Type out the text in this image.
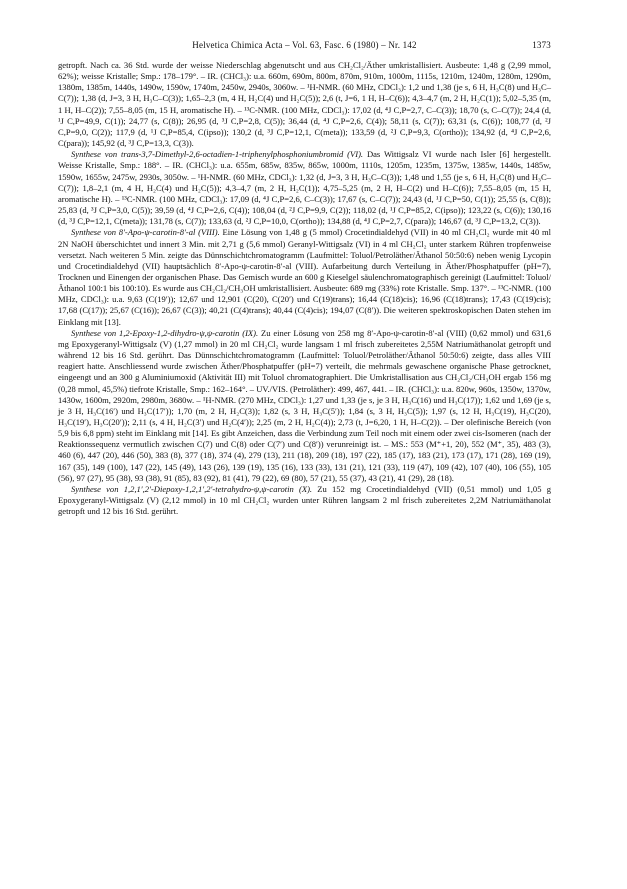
Helvetica Chimica Acta – Vol. 63, Fasc. 6 (1980) – Nr. 142	1373

getropft. Nach ca. 36 Std. wurde der weisse Niederschlag abgenutscht und aus CH₂Cl₂/Äther umkristallisiert. Ausbeute: 1,48 g (2,99 mmol, 62%); weisse Kristalle; Smp.: 178–179°. – IR. (CHCl₃): u.a. 660m, 690m, 800m, 870m, 910m, 1000m, 1115s, 1210m, 1240m, 1280m, 1290m, 1380m, 1385m, 1440s, 1490w, 1590w, 1740m, 2450w, 2940s, 3060w. – ¹H-NMR. (60 MHz, CDCl₃): 1,2 und 1,38 (je s, 6 H, H₃C(8) und H₃C–C(7)); 1,38 (d, J=3, 3 H, H₃C–C(3)); 1,65–2,3 (m, 4 H, H₂C(4) und H₂C(5)); 2,6 (t, J=6, 1 H, H–C(6)); 4,3–4,7 (m, 2 H, H₂C(1)); 5,02–5,35 (m, 1 H, H–C(2)); 7,55–8,05 (m, 15 H, aromatische H). – ¹³C-NMR. (100 MHz, CDCl₃): 17,02 (d, ⁴J C,P=2,7, C–C(3)); 18,70 (s, C–C(7)); 24,4 (d, ¹J C,P=49,9, C(1)); 24,77 (s, C(8)); 26,95 (d, ³J C,P=2,8, C(5)); 36,44 (d, ⁴J C,P=2,6, C(4)); 58,11 (s, C(7)); 63,31 (s, C(6)); 108,77 (d, ²J C,P=9,0, C(2)); 117,9 (d, ¹J C,P=85,4, C(ipso)); 130,2 (d, ³J C,P=12,1, C(meta)); 133,59 (d, ²J C,P=9,3, C(ortho)); 134,92 (d, ⁴J C,P=2,6, C(para)); 145,92 (d, ³J C,P=13,3, C(3)).

Synthese von trans-3,7-Dimethyl-2,6-octadien-1-triphenylphosphoniumbromid (VI). Das Wittigsalz VI wurde nach Isler [6] hergestellt. Weisse Kristalle, Smp.: 188°. – IR. (CHCl₃): u.a. 655m, 685w, 835w, 865w, 1000m, 1110s, 1205m, 1235m, 1375w, 1385w, 1440s, 1485w, 1590w, 1655w, 2475w, 2930s, 3050w. – ¹H-NMR. (60 MHz, CDCl₃): 1,32 (d, J=3, 3 H, H₃C–C(3)); 1,48 und 1,55 (je s, 6 H, H₃C(8) und H₃C–C(7)); 1,8–2,1 (m, 4 H, H₂C(4) und H₂C(5)); 4,3–4,7 (m, 2 H, H₂C(1)); 4,75–5,25 (m, 2 H, H–C(2) und H–C(6)); 7,55–8,05 (m, 15 H, aromatische H). – ¹³C-NMR. (100 MHz, CDCl₃): 17,09 (d, ⁴J C,P=2,6, C–C(3)); 17,67 (s, C–C(7)); 24,43 (d, ¹J C,P=50, C(1)); 25,55 (s, C(8)); 25,83 (d, ³J C,P=3,0, C(5)); 39,59 (d, ⁴J C,P=2,6, C(4)); 108,04 (d, ²J C,P=9,9, C(2)); 118,02 (d, ¹J C,P=85,2, C(ipso)); 123,22 (s, C(6)); 130,16 (d, ³J C,P=12,1, C(meta)); 131,78 (s, C(7)); 133,63 (d, ²J C,P=10,0, C(ortho)); 134,88 (d, ⁴J C,P=2,7, C(para)); 146,67 (d, ³J C,P=13,2, C(3)).

Synthese von 8′-Apo-ψ-carotin-8′-al (VIII). Eine Lösung von 1,48 g (5 mmol) Crocetindialdehyd (VII) in 40 ml CH₂Cl₂ wurde mit 40 ml 2N NaOH überschichtet und innert 3 Min. mit 2,71 g (5,6 mmol) Geranyl-Wittigsalz (VI) in 4 ml CH₂Cl₂ unter starkem Rühren tropfenweise versetzt. Nach weiteren 5 Min. zeigte das Dünnschichtchromatogramm (Laufmittel: Toluol/Petroläther/Äthanol 50:50:6) neben wenig Lycopin und Crocetindialdehyd (VII) hauptsächlich 8′-Apo-ψ-carotin-8′-al (VIII). Aufarbeitung durch Verteilung in Äther/Phosphatpuffer (pH=7), Trocknen und Einengen der organischen Phase. Das Gemisch wurde an 600 g Kieselgel säulenchromatographisch gereinigt (Laufmittel: Toluol/Äthanol 100:1 bis 100:10). Es wurde aus CH₂Cl₂/CH₃OH umkristallisiert. Ausbeute: 689 mg (33%) rote Kristalle. Smp. 137°. – ¹³C-NMR. (100 MHz, CDCl₃): u.a. 9,63 (C(19′)); 12,67 und 12,901 (C(20), C(20′) und C(19)trans); 16,44 (C(18)cis); 16,96 (C(18)trans); 17,43 (C(19)cis); 17,68 (C(17)); 25,67 (C(16)); 26,67 (C(3)); 40,21 (C(4)trans); 40,44 (C(4)cis); 194,07 (C(8′)). Die weiteren spektroskopischen Daten stehen im Einklang mit [13].

Synthese von 1,2-Epoxy-1,2-dihydro-ψ,ψ-carotin (IX). Zu einer Lösung von 258 mg 8′-Apo-ψ-carotin-8′-al (VIII) (0,62 mmol) und 631,6 mg Epoxygeranyl-Wittigsalz (V) (1,27 mmol) in 20 ml CH₂Cl₂ wurde langsam 1 ml frisch zubereitetes 2,55M Natriumäthanolat getropft und während 12 bis 16 Std. gerührt. Das Dünnschichtchromatogramm (Laufmittel: Toluol/Petroläther/Äthanol 50:50:6) zeigte, dass alles VIII reagiert hatte. Anschliessend wurde zwischen Äther/Phosphatpuffer (pH=7) verteilt, die mehrmals gewaschene organische Phase getrocknet, eingeengt und an 300 g Aluminiumoxid (Aktivität III) mit Toluol chromatographiert. Die Umkristallisation aus CH₂Cl₂/CH₃OH ergab 156 mg (0,28 mmol, 45,5%) tiefrote Kristalle, Smp.: 162–164°. – UV./VIS. (Petroläther): 499, 467, 441. – IR. (CHCl₃): u.a. 820w, 960s, 1350w, 1370w, 1430w, 1600m, 2920m, 2980m, 3680w. – ¹H-NMR. (270 MHz, CDCl₃): 1,27 und 1,33 (je s, je 3 H, H₃C(16) und H₃C(17)); 1,62 und 1,69 (je s, je 3 H, H₃C(16′) und H₃C(17′)); 1,70 (m, 2 H, H₂C(3)); 1,82 (s, 3 H, H₃C(5′)); 1,84 (s, 3 H, H₃C(5)); 1,97 (s, 12 H, H₃C(19), H₃C(20), H₃C(19′), H₃C(20′)); 2,11 (s, 4 H, H₂C(3′) und H₂C(4′)); 2,25 (m, 2 H, H₂C(4)); 2,73 (t, J=6,20, 1 H, H–C(2)). – Der olefinische Bereich (von 5,9 bis 6,8 ppm) steht im Einklang mit [14]. Es gibt Anzeichen, dass die Verbindung zum Teil noch mit einem oder zwei cis-Isomeren (nach der Reaktionssequenz vermutlich zwischen C(7) und C(8) oder C(7′) und C(8′)) verunreinigt ist. – MS.: 553 (M⁺+1, 20), 552 (M⁺, 35), 483 (3), 460 (6), 447 (20), 446 (50), 383 (8), 377 (18), 374 (4), 279 (13), 211 (18), 209 (18), 197 (22), 185 (17), 183 (21), 173 (17), 171 (28), 169 (19), 167 (35), 149 (100), 147 (22), 145 (49), 143 (26), 139 (19), 135 (16), 133 (33), 131 (21), 121 (33), 119 (47), 109 (42), 107 (40), 106 (55), 105 (56), 97 (27), 95 (38), 93 (38), 91 (85), 83 (92), 81 (41), 79 (22), 69 (80), 57 (21), 55 (37), 43 (21), 41 (29), 28 (18).

Synthese von 1,2,1′,2′-Diepoxy-1,2,1′,2′-tetrahydro-ψ,ψ-carotin (X). Zu 152 mg Crocetindialdehyd (VII) (0,51 mmol) und 1,05 g Epoxygeranyl-Wittigsalz (V) (2,12 mmol) in 10 ml CH₂Cl₂ wurden unter Rühren langsam 2 ml frisch zubereitetes 2,2M Natriumäthanolat getropft und 12 bis 16 Std. gerührt.
